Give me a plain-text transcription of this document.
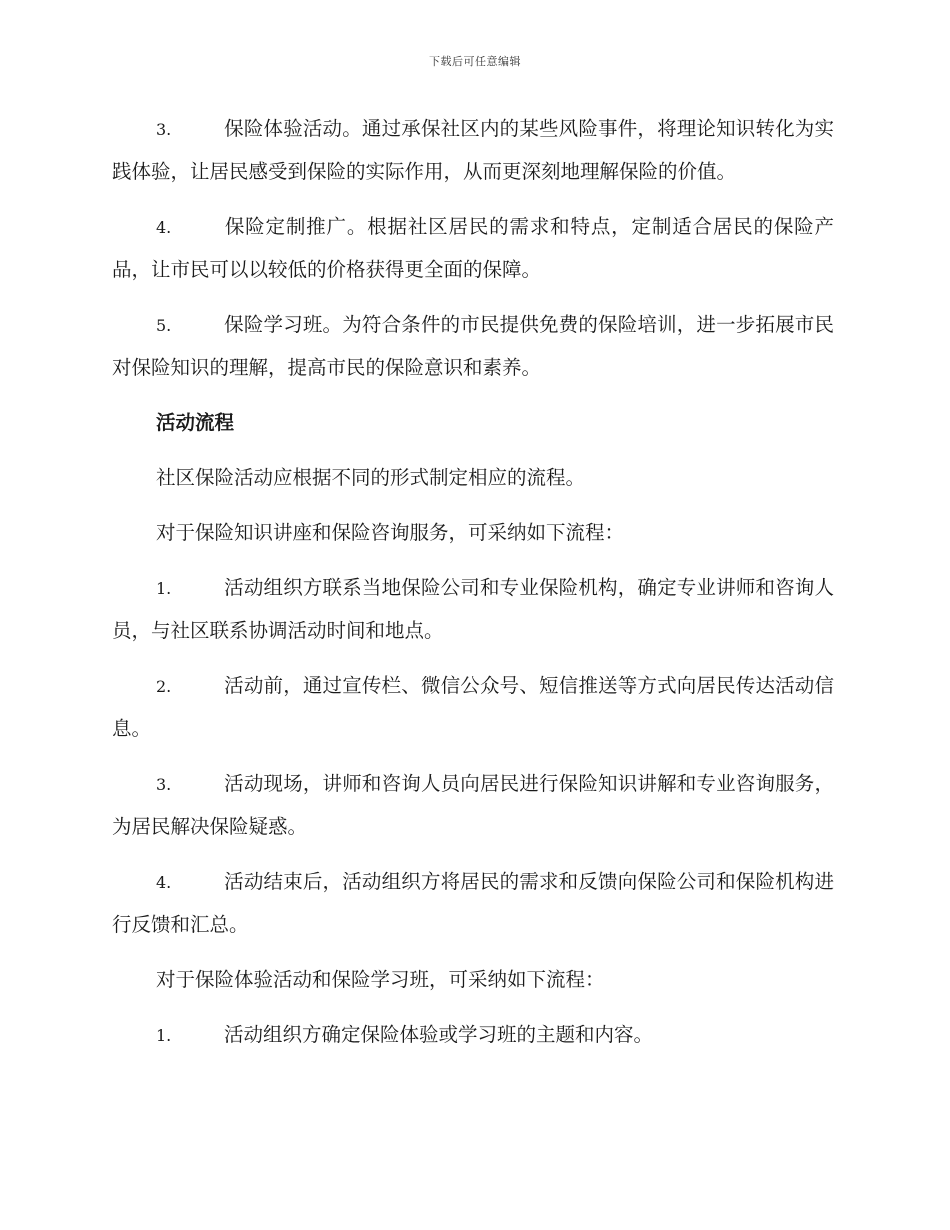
下载后可任意编辑

3.	保险体验活动。通过承保社区内的某些风险事件，将理论知识转化为实践体验，让居民感受到保险的实际作用，从而更深刻地理解保险的价值。

4.	保险定制推广。根据社区居民的需求和特点，定制适合居民的保险产品，让市民可以以较低的价格获得更全面的保障。

5.	保险学习班。为符合条件的市民提供免费的保险培训，进一步拓展市民对保险知识的理解，提高市民的保险意识和素养。

活动流程

社区保险活动应根据不同的形式制定相应的流程。

对于保险知识讲座和保险咨询服务，可采纳如下流程：

1.	活动组织方联系当地保险公司和专业保险机构，确定专业讲师和咨询人员，与社区联系协调活动时间和地点。

2.	活动前，通过宣传栏、微信公众号、短信推送等方式向居民传达活动信息。

3.	活动现场，讲师和咨询人员向居民进行保险知识讲解和专业咨询服务，为居民解决保险疑惑。

4.	活动结束后，活动组织方将居民的需求和反馈向保险公司和保险机构进行反馈和汇总。

对于保险体验活动和保险学习班，可采纳如下流程：

1.	活动组织方确定保险体验或学习班的主题和内容。
